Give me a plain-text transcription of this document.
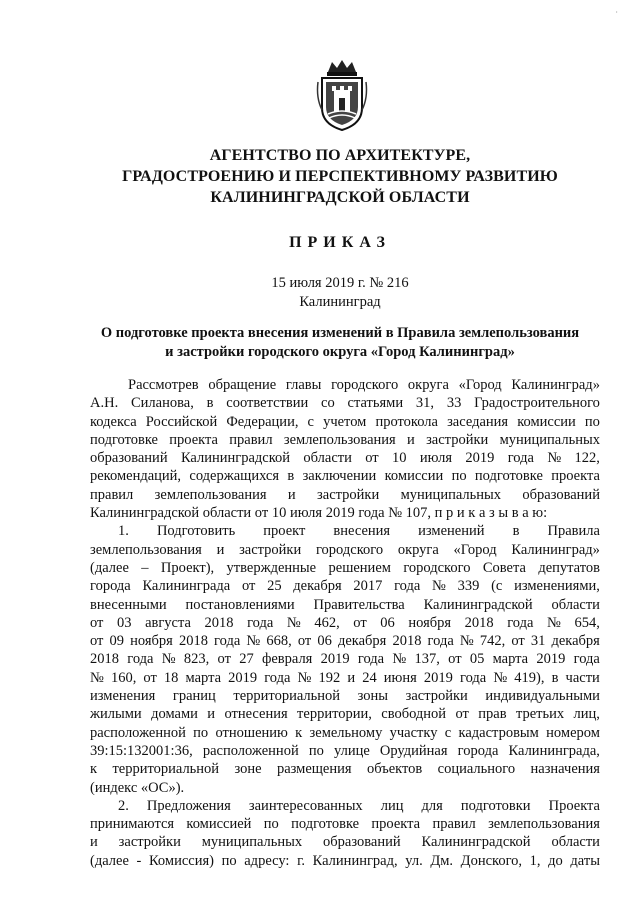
·
АГЕНТСТВО ПО АРХИТЕКТУРЕ,
ГРАДОСТРОЕНИЮ И ПЕРСПЕКТИВНОМУ РАЗВИТИЮ
КАЛИНИНГРАДСКОЙ ОБЛАСТИ
ПРИКАЗ
15 июля 2019 г. № 216
Калининград
О подготовке проекта внесения изменений в Правила землепользования
и застройки городского округа «Город Калининград»
Рассмотрев обращение главы городского округа «Город Калининград»
А.Н. Силанова, в соответствии со статьями 31, 33 Градостроительного
кодекса Российской Федерации, с учетом протокола заседания комиссии по
подготовке проекта правил землепользования и застройки муниципальных
образований Калининградской области от 10 июля 2019 года № 122,
рекомендаций, содержащихся в заключении комиссии по подготовке проекта
правил землепользования и застройки муниципальных образований
Калининградской области от 10 июля 2019 года № 107, п р и к а з ы в а ю:
1. Подготовить проект внесения изменений в Правила
землепользования и застройки городского округа «Город Калининград»
(далее – Проект), утвержденные решением городского Совета депутатов
города Калининграда от 25 декабря 2017 года № 339 (с изменениями,
внесенными постановлениями Правительства Калининградской области
от 03 августа 2018 года № 462, от 06 ноября 2018 года № 654,
от 09 ноября 2018 года № 668, от 06 декабря 2018 года № 742, от 31 декабря
2018 года № 823, от 27 февраля 2019 года № 137, от 05 марта 2019 года
№ 160, от 18 марта 2019 года № 192 и 24 июня 2019 года № 419), в части
изменения границ территориальной зоны застройки индивидуальными
жилыми домами и отнесения территории, свободной от прав третьих лиц,
расположенной по отношению к земельному участку с кадастровым номером
39:15:132001:36, расположенной по улице Орудийная города Калининграда,
к территориальной зоне размещения объектов социального назначения
(индекс «ОС»).
2. Предложения заинтересованных лиц для подготовки Проекта
принимаются комиссией по подготовке проекта правил землепользования
и застройки муниципальных образований Калининградской области
(далее - Комиссия) по адресу: г. Калининград, ул. Дм. Донского, 1, до даты
